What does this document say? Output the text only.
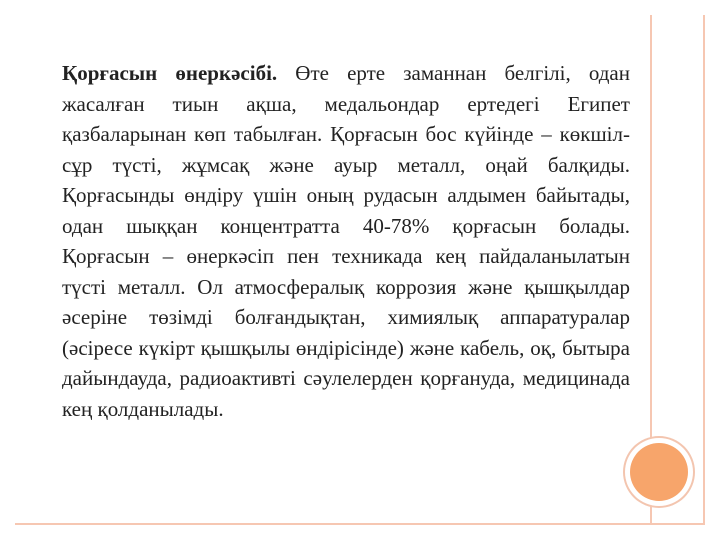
Қорғасын өнеркәсібі. Өте ерте заманнан белгілі, одан жасалған тиын ақша, медальондар ертедегі Египет қазбаларынан көп табылған. Қорғасын бос күйінде – көкшіл-сұр түсті, жұмсақ және ауыр металл, оңай балқиды. Қорғасынды өндіру үшін оның рудасын алдымен байытады, одан шыққан концентратта 40-78% қорғасын болады. Қорғасын – өнеркәсіп пен техникада кең пайдаланылатын түсті металл. Ол атмосфералық коррозия және қышқылдар әсеріне төзімді болғандықтан, химиялық аппаратуралар (әсіресе күкірт қышқылы өндірісінде) және кабель, оқ, бытыра дайындауда, радиоактивті сәулелерден қорғануда, медицинада кең қолданылады.
